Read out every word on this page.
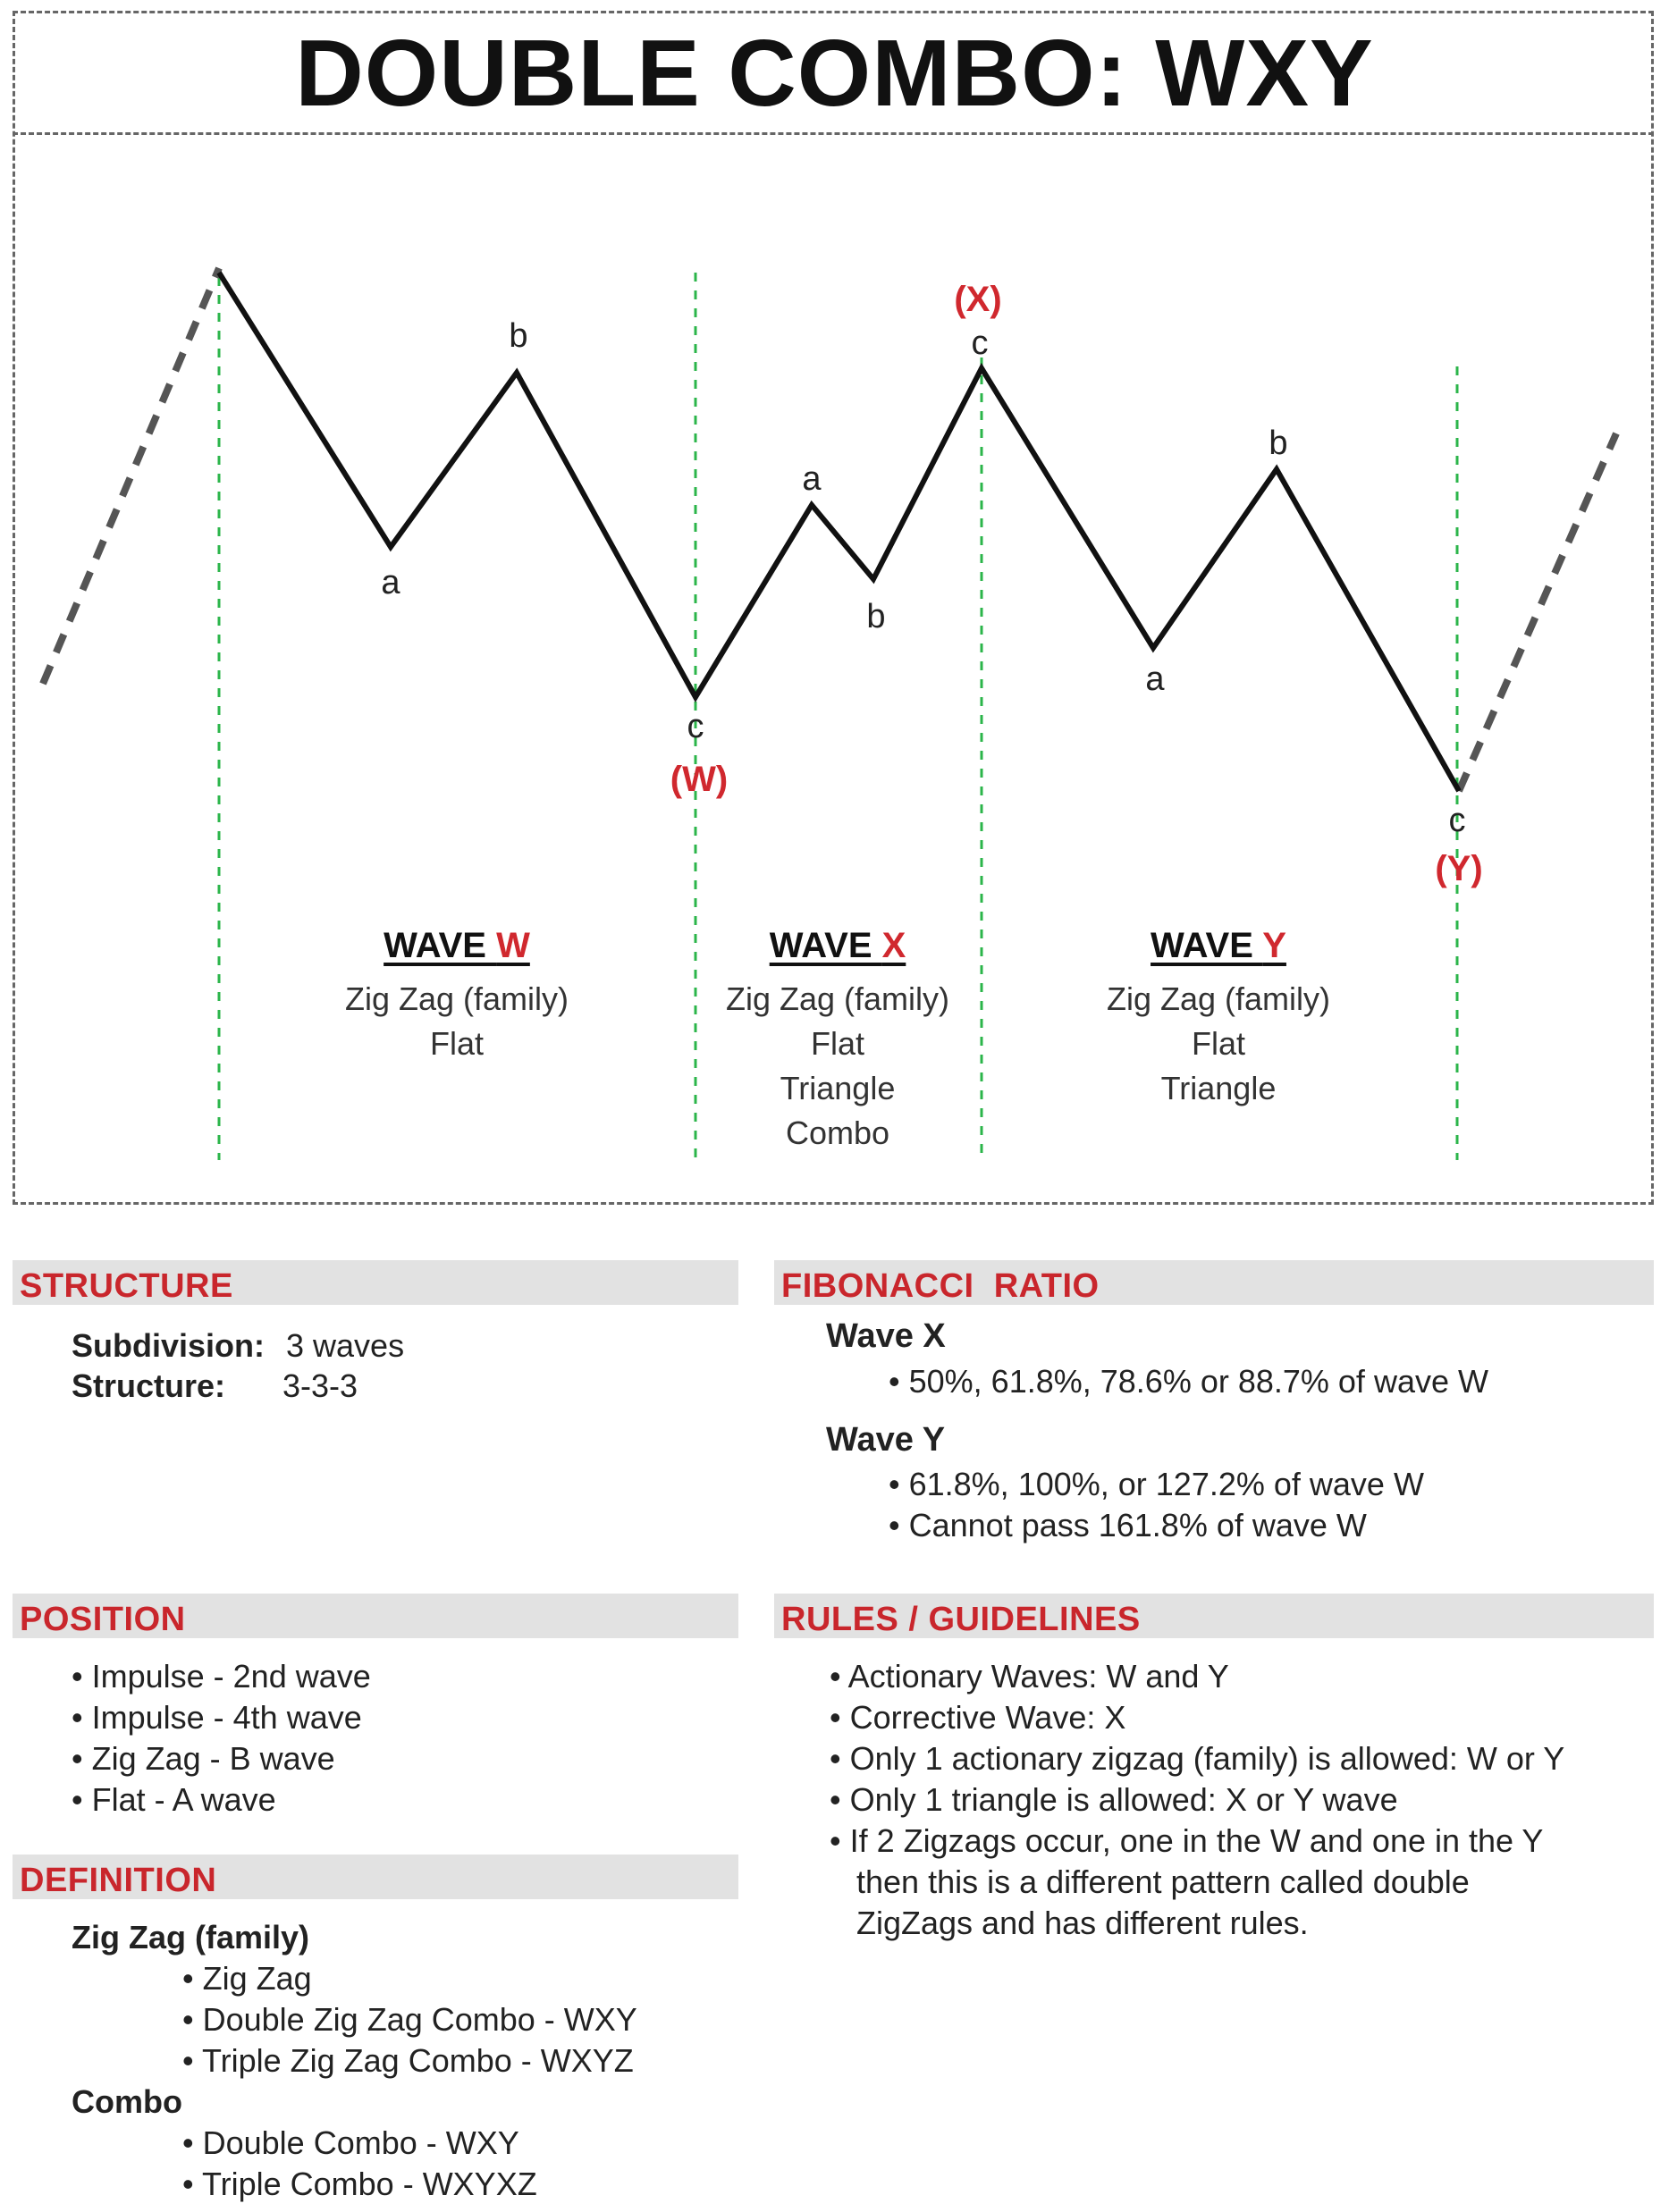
DOUBLE COMBO: WXY
a
b
c
a
b
c
a
b
c
(W)
(X)
(Y)
WAVE W
Zig Zag (family)
Flat
WAVE X
Zig Zag (family)
Flat
Triangle
Combo
WAVE Y
Zig Zag (family)
Flat
Triangle
STRUCTURE
Subdivision: 3 waves
Structure: 3-3-3
FIBONACCI  RATIO
Wave X
• 50%, 61.8%, 78.6% or 88.7% of wave W
Wave Y
• 61.8%, 100%, or 127.2% of wave W
• Cannot pass 161.8% of wave W
POSITION
• Impulse - 2nd wave
• Impulse - 4th wave
• Zig Zag - B wave
• Flat - A wave
RULES / GUIDELINES
• Actionary Waves: W and Y
• Corrective Wave: X
• Only 1 actionary zigzag (family) is allowed: W or Y
• Only 1 triangle is allowed: X or Y wave
• If 2 Zigzags occur, one in the W and one in the Y
then this is a different pattern called double
ZigZags and has different rules.
DEFINITION
Zig Zag (family)
• Zig Zag
• Double Zig Zag Combo - WXY
• Triple Zig Zag Combo - WXYZ
Combo
• Double Combo - WXY
• Triple Combo - WXYXZ
